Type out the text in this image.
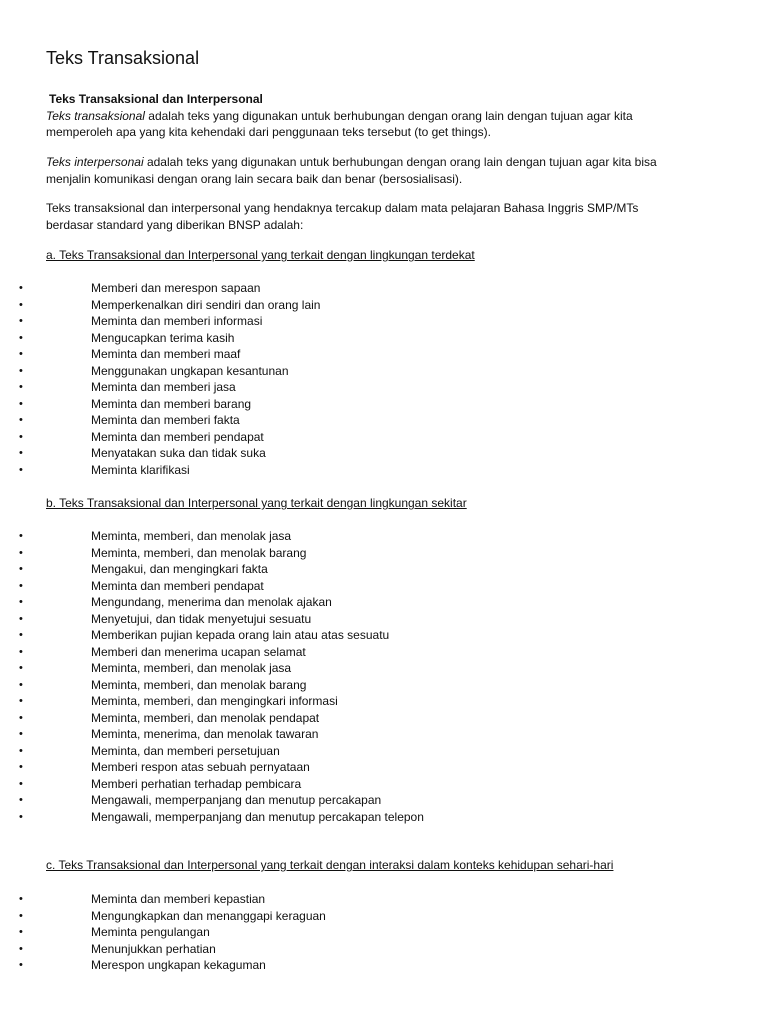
Teks Transaksional
Teks Transaksional dan Interpersonal

Teks transaksional adalah teks yang digunakan untuk berhubungan dengan orang lain dengan tujuan agar kita
memperoleh apa yang kita kehendaki dari penggunaan teks tersebut (to get things).

Teks interpersonai adalah teks yang digunakan untuk berhubungan dengan orang lain dengan tujuan agar kita bisa
menjalin komunikasi dengan orang lain secara baik dan benar (bersosialisasi).

Teks transaksional dan interpersonal yang hendaknya tercakup dalam mata pelajaran Bahasa Inggris SMP/MTs
berdasar standard yang diberikan BNSP adalah:

a. Teks Transaksional dan Interpersonal yang terkait dengan lingkungan terdekat
• Memberi dan merespon sapaan
• Memperkenalkan diri sendiri dan orang lain
• Meminta dan memberi informasi
• Mengucapkan terima kasih
• Meminta dan memberi maaf
• Menggunakan ungkapan kesantunan
• Meminta dan memberi jasa
• Meminta dan memberi barang
• Meminta dan memberi fakta
• Meminta dan memberi pendapat
• Menyatakan suka dan tidak suka
• Meminta klarifikasi
b. Teks Transaksional dan Interpersonal yang terkait dengan lingkungan sekitar
• Meminta, memberi, dan menolak jasa
• Meminta, memberi, dan menolak barang
• Mengakui, dan mengingkari fakta
• Meminta dan memberi pendapat
• Mengundang, menerima dan menolak ajakan
• Menyetujui, dan tidak menyetujui sesuatu
• Memberikan pujian kepada orang lain atau atas sesuatu
• Memberi dan menerima ucapan selamat
• Meminta, memberi, dan menolak jasa
• Meminta, memberi, dan menolak barang
• Meminta, memberi, dan mengingkari informasi
• Meminta, memberi, dan menolak pendapat
• Meminta, menerima, dan menolak tawaran
• Meminta, dan memberi persetujuan
• Memberi respon atas sebuah pernyataan
• Memberi perhatian terhadap pembicara
• Mengawali, memperpanjang dan menutup percakapan
• Mengawali, memperpanjang dan menutup percakapan telepon
c. Teks Transaksional dan Interpersonal yang terkait dengan interaksi dalam konteks kehidupan sehari-hari
• Meminta dan memberi kepastian
• Mengungkapkan dan menanggapi keraguan
• Meminta pengulangan
• Menunjukkan perhatian
• Merespon ungkapan kekaguman
